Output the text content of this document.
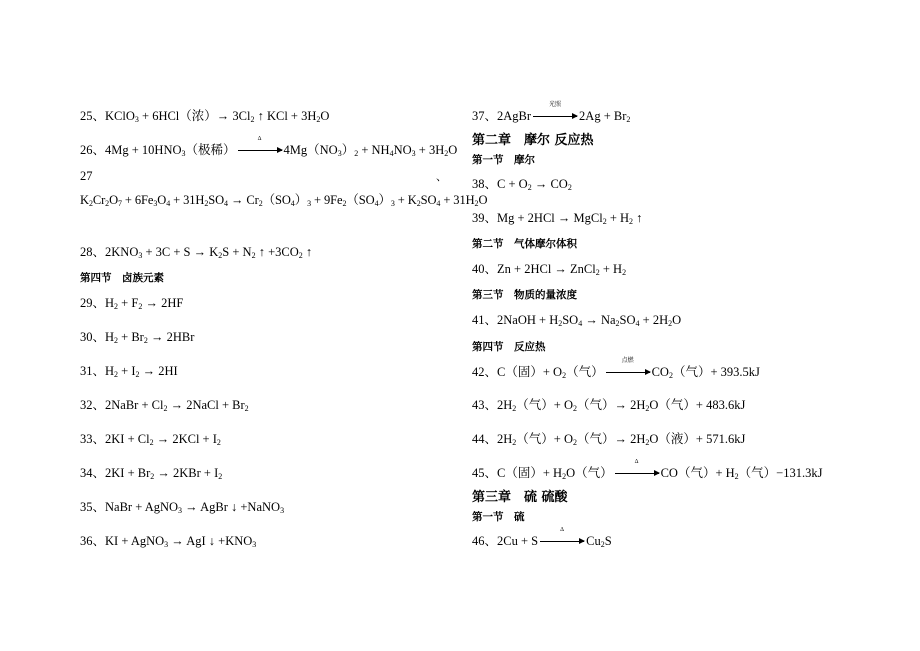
25、KClO$_3$ + 6HCl（浓）→ $3Cl_2$ ↑ KCl + $3H_2O$
26、$4Mg + 10HNO_3$（极稀）
Δ
$4Mg(NO_3)_2 + NH_4NO_3 + 3H_2O$
27	、
$K_2Cr_2O_7 + 6Fe_3O_4 + 31H_2SO_4 \to Cr_2(SO_4)_3 + 9Fe_2(SO_4)_3 + K_2SO_4 + 31H_2O$
28、$2KNO_3 + 3C + S \to K_2S + N_2$ ↑ $+3CO_2$ ↑
第四节　卤族元素
29、$H_2 + F_2 \to 2HF$
30、$H_2 + Br_2 \to 2HBr$
31、$H_2 + I_2 \to 2HI$
32、2NaBr + $Cl_2$ → 2NaCl + $Br_2$
33、$2KI + Cl_2 \to 2KCl + I_2$
34、$2KI + Br_2 \to 2KBr + I_2$
35、NaBr + AgNO$_3$ → AgBr ↓ +NaNO$_3$
36、KI + AgNO$_3$ → AgI ↓ $+KNO_3$
37、2AgBr
光照
$2Ag + Br_2$
第二章　摩尔 反应热
第一节　摩尔
38、$C + O_2 \to CO_2$
39、Mg + 2HCl → MgCl$_2$ + $H_2$ ↑
第二节　气体摩尔体积
40、Zn + 2HCl → ZnCl$_2$ + $H_2$
第三节　物质的量浓度
41、2NaOH + $H_2SO_4 \to Na_2SO_4 + 2H_2O$
第四节　反应热
42、C（固）+ $O_2$（气）
点燃
$CO_2$（气）+ 393.5kJ
43、$2H_2$（气）+ $O_2$（气）→ $2H_2O$（气）+ 483.6kJ
44、$2H_2$（气）+ $O_2$（气）→ $2H_2O$（液）+ 571.6kJ
45、C（固）+ $H_2O$（气）
Δ
CO（气）+ $H_2$（气）−131.3kJ
第三章　硫 硫酸
第一节　硫
46、2Cu + S
Δ
$Cu_2S$
